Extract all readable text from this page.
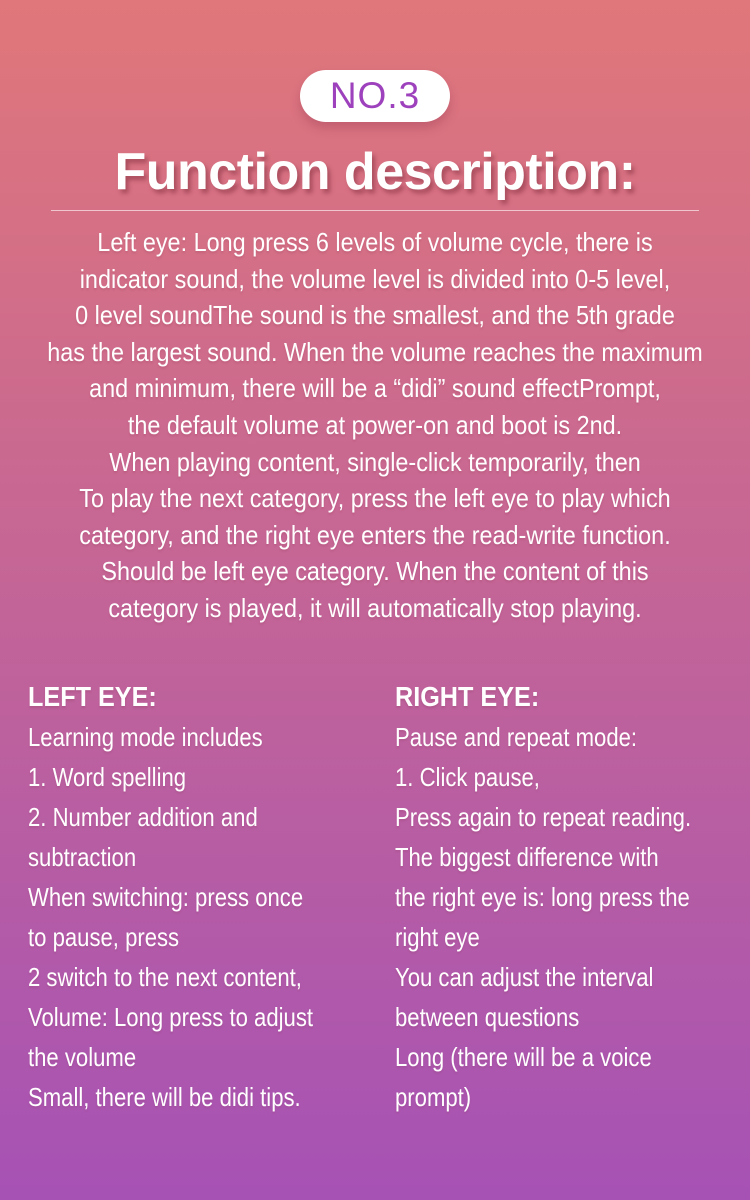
NO.3
Function description:
Left eye: Long press 6 levels of volume cycle, there is
indicator sound, the volume level is divided into 0-5 level,
0 level soundThe sound is the smallest, and the 5th grade
has the largest sound. When the volume reaches the maximum
and minimum, there will be a “didi” sound effectPrompt,
the default volume at power-on and boot is 2nd.
When playing content, single-click temporarily, then
To play the next category, press the left eye to play which
category, and the right eye enters the read-write function.
Should be left eye category. When the content of this
category is played, it will automatically stop playing.
LEFT EYE:
Learning mode includes
1. Word spelling
2. Number addition and
subtraction
When switching: press once
to pause, press
2 switch to the next content,
Volume: Long press to adjust
the volume
Small, there will be didi tips.
RIGHT EYE:
Pause and repeat mode:
1. Click pause,
Press again to repeat reading.
The biggest difference with
the right eye is: long press the
right eye
You can adjust the interval
between questions
Long (there will be a voice
prompt)
